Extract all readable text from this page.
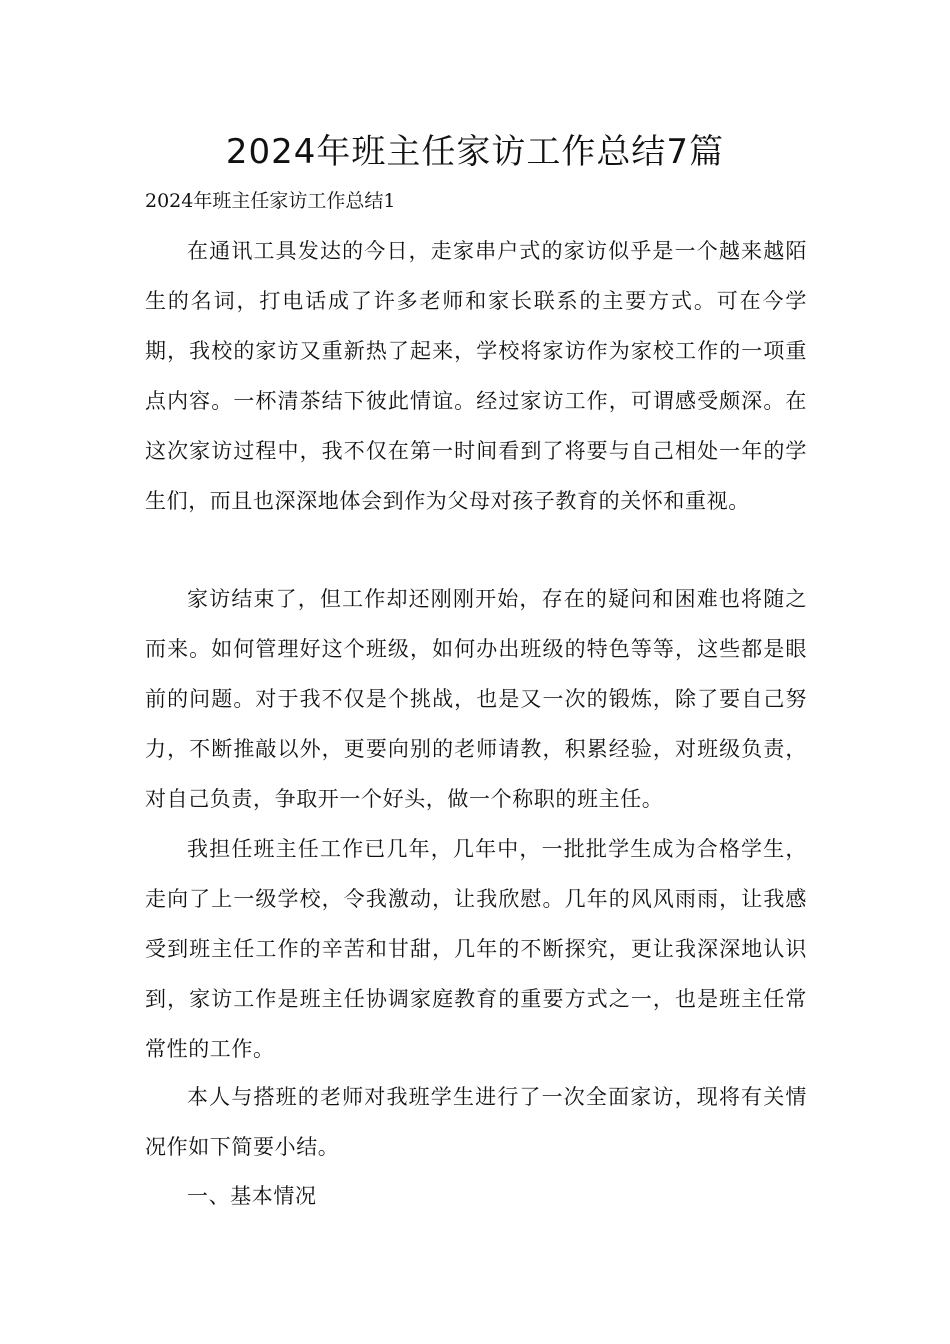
2024年班主任家访工作总结7篇

2024年班主任家访工作总结1

在通讯工具发达的今日，走家串户式的家访似乎是一个越来越陌生的名词，打电话成了许多老师和家长联系的主要方式。可在今学期，我校的家访又重新热了起来，学校将家访作为家校工作的一项重点内容。一杯清茶结下彼此情谊。经过家访工作，可谓感受颇深。在这次家访过程中，我不仅在第一时间看到了将要与自己相处一年的学生们，而且也深深地体会到作为父母对孩子教育的关怀和重视。

家访结束了，但工作却还刚刚开始，存在的疑问和困难也将随之而来。如何管理好这个班级，如何办出班级的特色等等，这些都是眼前的问题。对于我不仅是个挑战，也是又一次的锻炼，除了要自己努力，不断推敲以外，更要向别的老师请教，积累经验，对班级负责，对自己负责，争取开一个好头，做一个称职的班主任。

我担任班主任工作已几年，几年中，一批批学生成为合格学生，走向了上一级学校，令我激动，让我欣慰。几年的风风雨雨，让我感受到班主任工作的辛苦和甘甜，几年的不断探究，更让我深深地认识到，家访工作是班主任协调家庭教育的重要方式之一，也是班主任常常性的工作。

本人与搭班的老师对我班学生进行了一次全面家访，现将有关情况作如下简要小结。

一、基本情况
